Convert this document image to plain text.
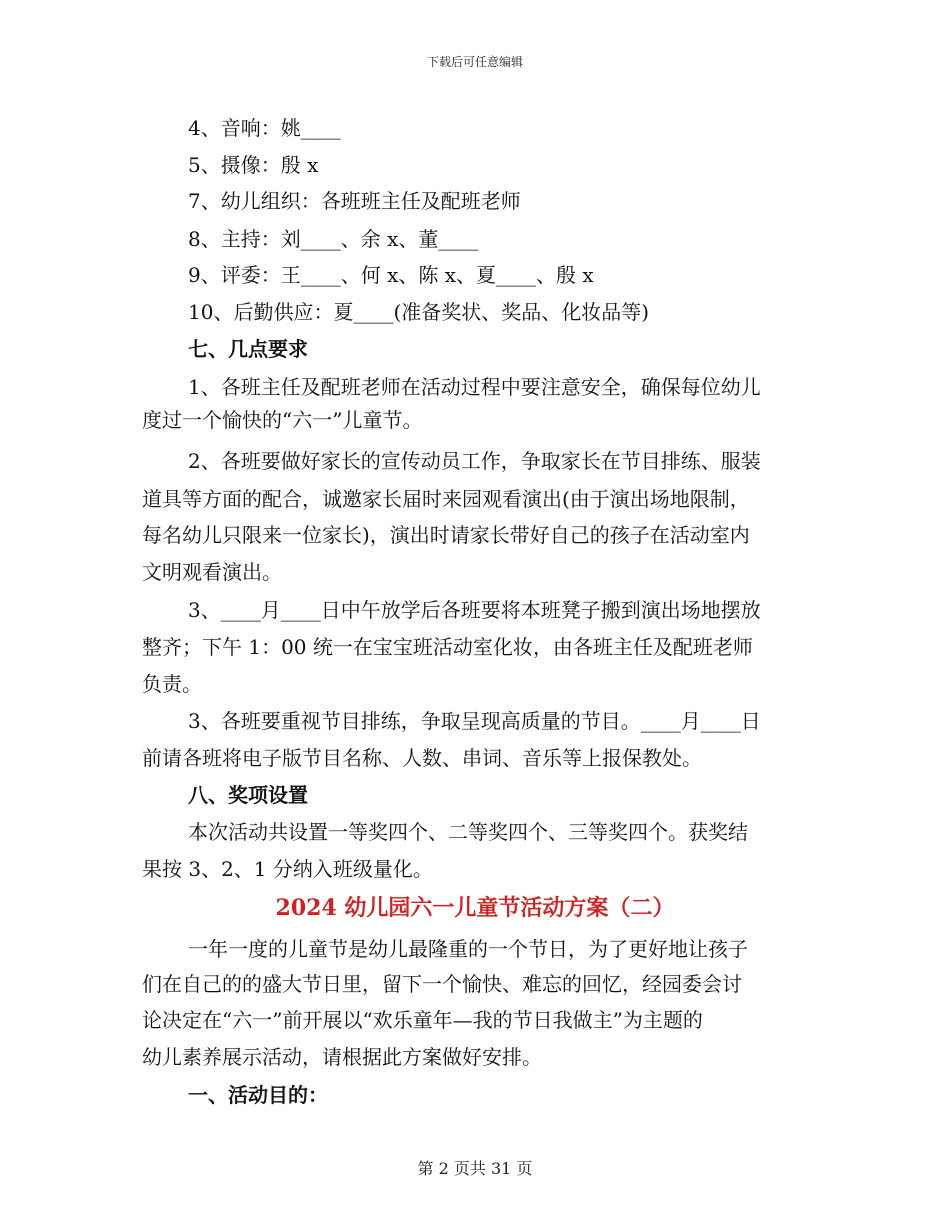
下载后可任意编辑
4、音响：姚____
5、摄像：殷 x
7、幼儿组织：各班班主任及配班老师
8、主持：刘____、余 x、董____
9、评委：王____、何 x、陈 x、夏____、殷 x
10、后勤供应：夏____(准备奖状、奖品、化妆品等)
七、几点要求
1、各班主任及配班老师在活动过程中要注意安全，确保每位幼儿
度过一个愉快的“六一”儿童节。
2、各班要做好家长的宣传动员工作，争取家长在节目排练、服装
道具等方面的配合，诚邀家长届时来园观看演出(由于演出场地限制，
每名幼儿只限来一位家长)，演出时请家长带好自己的孩子在活动室内
文明观看演出。
3、____月____日中午放学后各班要将本班凳子搬到演出场地摆放
整齐；下午 1：00 统一在宝宝班活动室化妆，由各班主任及配班老师
负责。
3、各班要重视节目排练，争取呈现高质量的节目。____月____日
前请各班将电子版节目名称、人数、串词、音乐等上报保教处。
八、奖项设置
本次活动共设置一等奖四个、二等奖四个、三等奖四个。获奖结
果按 3、2、1 分纳入班级量化。
2024 幼儿园六一儿童节活动方案（二）
一年一度的儿童节是幼儿最隆重的一个节日，为了更好地让孩子
们在自己的的盛大节日里，留下一个愉快、难忘的回忆，经园委会讨
论决定在“六一”前开展以“欢乐童年—我的节日我做主”为主题的
幼儿素养展示活动，请根据此方案做好安排。
一、活动目的：
第 2 页共 31 页
